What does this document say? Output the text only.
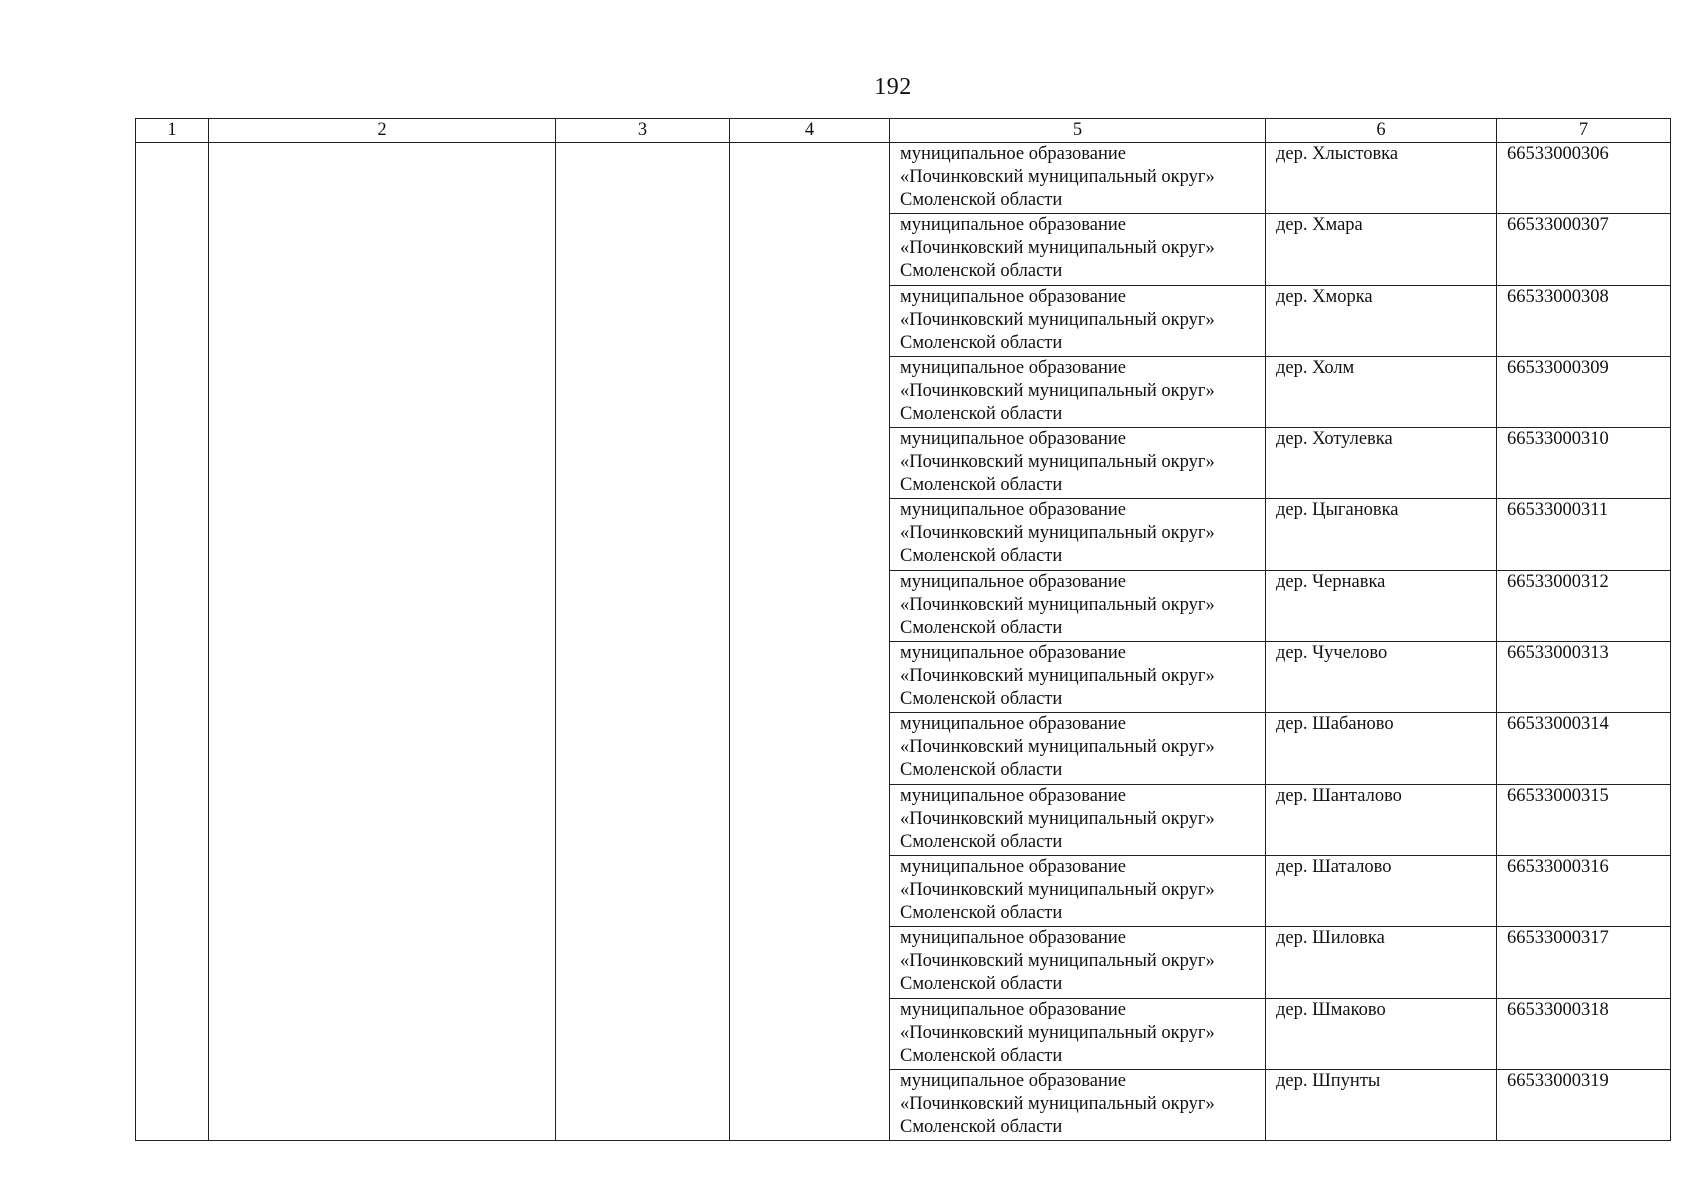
192
1	2	3	4	5	6	7

				муниципальное образование
«Починковский муниципальный округ»
Смоленской области	дер. Хлыстовка	66533000306

				муниципальное образование
«Починковский муниципальный округ»
Смоленской области	дер. Хмара	66533000307

				муниципальное образование
«Починковский муниципальный округ»
Смоленской области	дер. Хморка	66533000308

				муниципальное образование
«Починковский муниципальный округ»
Смоленской области	дер. Холм	66533000309

				муниципальное образование
«Починковский муниципальный округ»
Смоленской области	дер. Хотулевка	66533000310

				муниципальное образование
«Починковский муниципальный округ»
Смоленской области	дер. Цыгановка	66533000311

				муниципальное образование
«Починковский муниципальный округ»
Смоленской области	дер. Чернавка	66533000312

				муниципальное образование
«Починковский муниципальный округ»
Смоленской области	дер. Чучелово	66533000313

				муниципальное образование
«Починковский муниципальный округ»
Смоленской области	дер. Шабаново	66533000314

				муниципальное образование
«Починковский муниципальный округ»
Смоленской области	дер. Шанталово	66533000315

				муниципальное образование
«Починковский муниципальный округ»
Смоленской области	дер. Шаталово	66533000316

				муниципальное образование
«Починковский муниципальный округ»
Смоленской области	дер. Шиловка	66533000317

				муниципальное образование
«Починковский муниципальный округ»
Смоленской области	дер. Шмаково	66533000318

				муниципальное образование
«Починковский муниципальный округ»
Смоленской области	дер. Шпунты	66533000319
